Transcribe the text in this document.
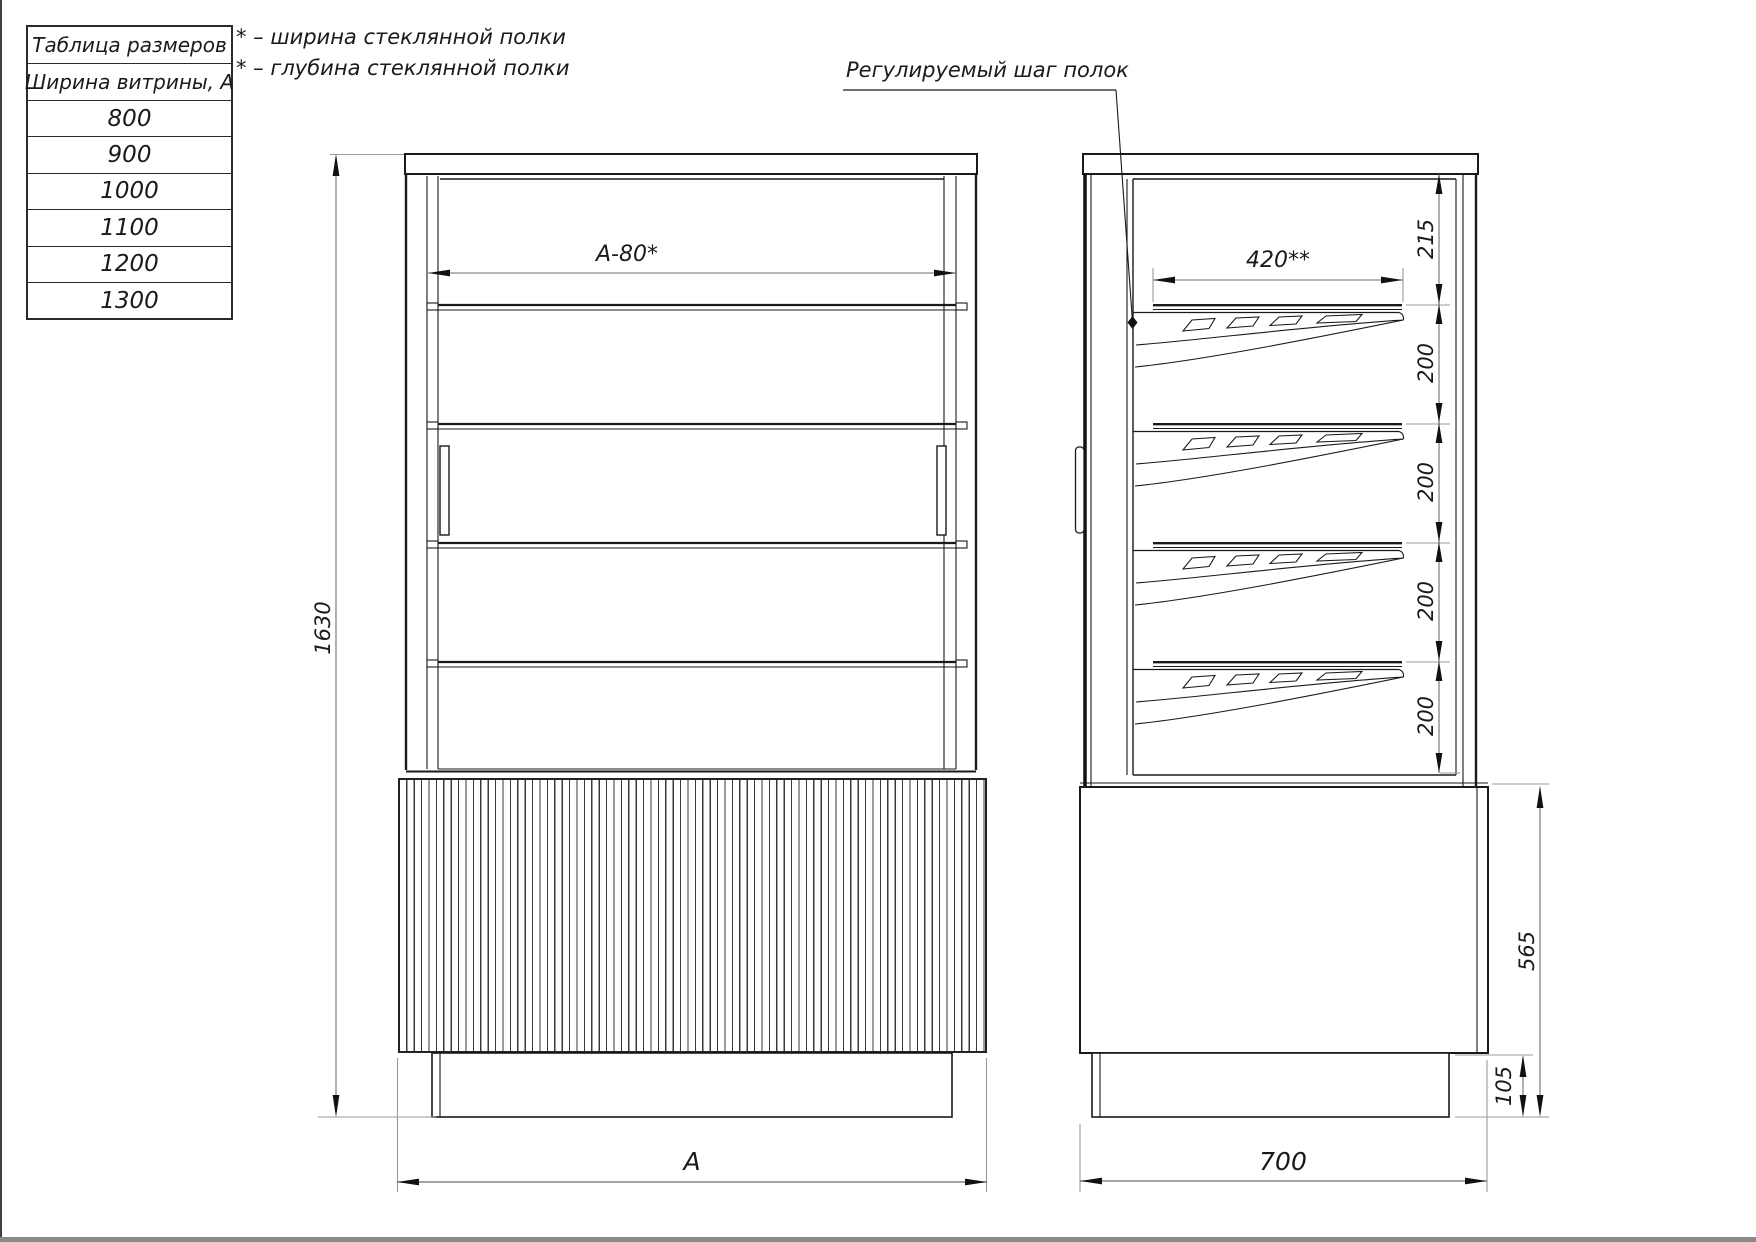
Таблица размеров
Ширина витрины, А
800
900
1000
1100
1200
1300
* – ширина стеклянной полки
* – глубина стеклянной полки	Регулируемый шаг полок
А-80*
1630
А
420**
215
200
200
200
200
565
105
700
